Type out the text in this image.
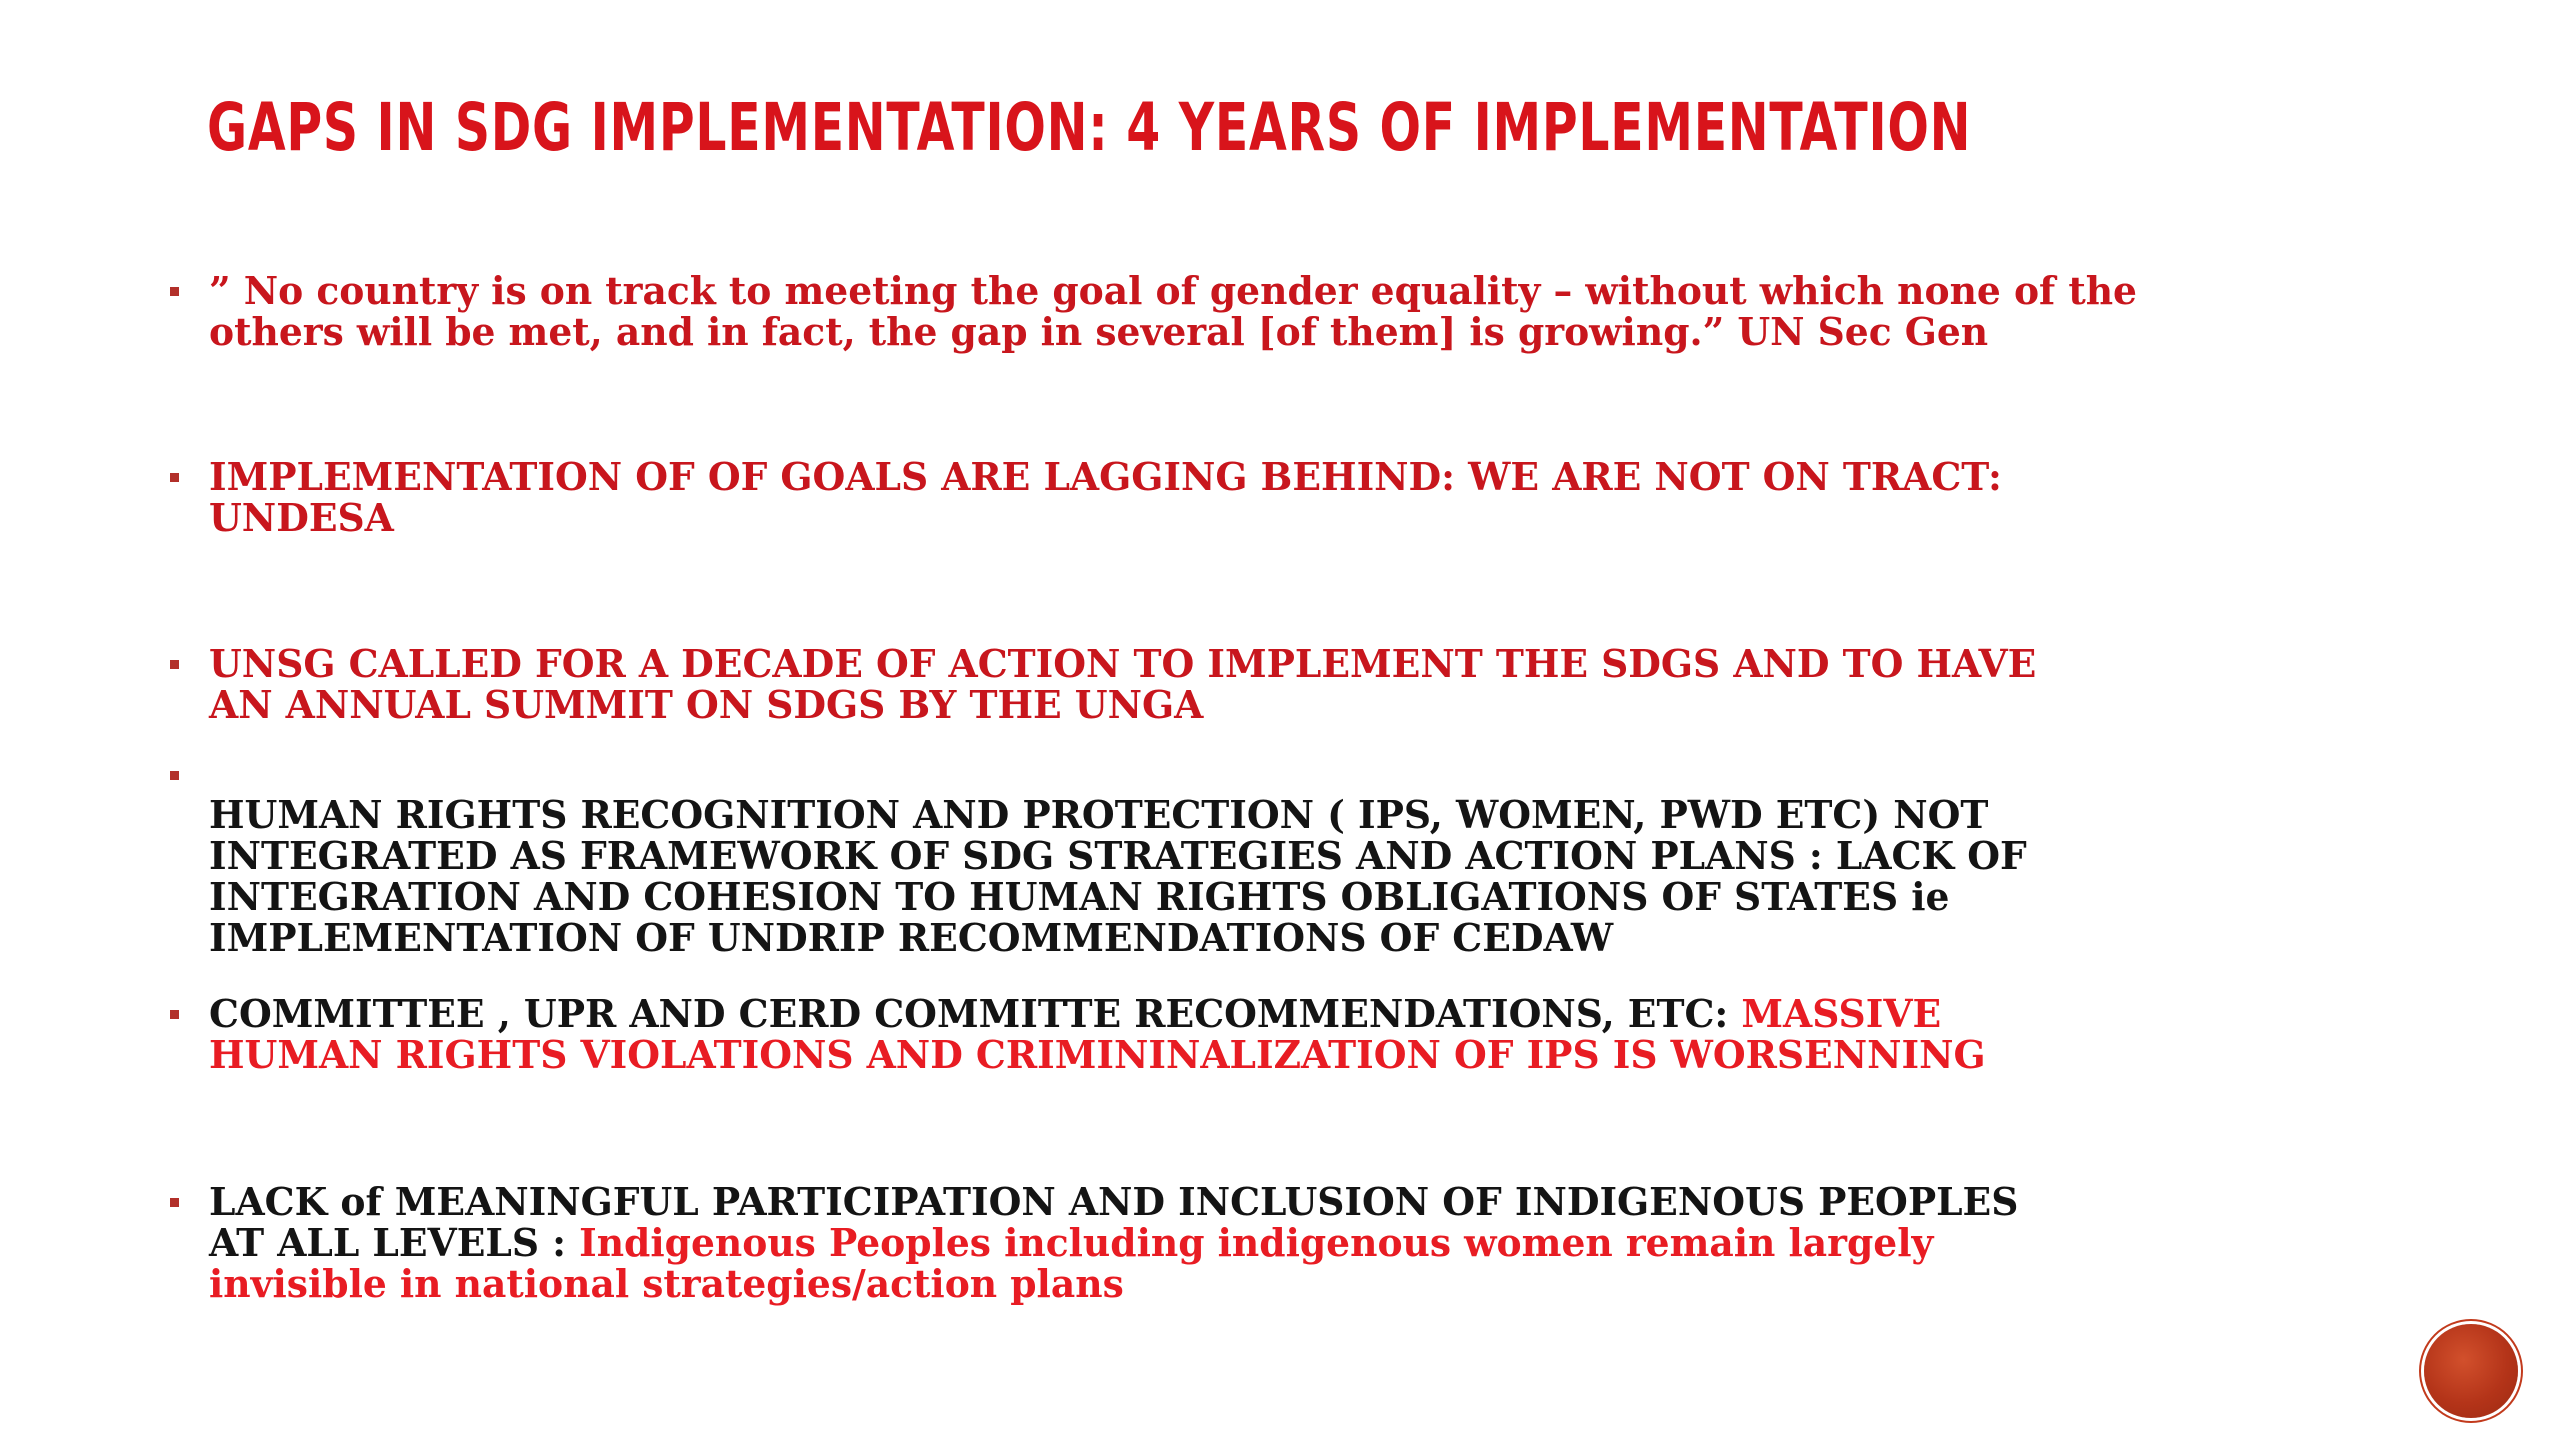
GAPS IN SDG IMPLEMENTATION: 4 YEARS OF IMPLEMENTATION
” No country is on track to meeting the goal of gender equality – without which none of the
others will be met, and in fact, the gap in several [of them] is growing.” UN Sec Gen
IMPLEMENTATION OF OF GOALS ARE LAGGING BEHIND: WE ARE NOT ON TRACT:
UNDESA
UNSG CALLED FOR A DECADE OF ACTION TO IMPLEMENT THE SDGS AND TO HAVE
AN ANNUAL SUMMIT ON SDGS BY THE UNGA
HUMAN RIGHTS RECOGNITION AND PROTECTION ( IPS, WOMEN, PWD ETC) NOT
INTEGRATED AS FRAMEWORK OF SDG STRATEGIES AND ACTION PLANS : LACK OF
INTEGRATION AND COHESION TO HUMAN RIGHTS OBLIGATIONS OF STATES ie
IMPLEMENTATION OF UNDRIP RECOMMENDATIONS OF CEDAW
COMMITTEE , UPR AND CERD COMMITTE RECOMMENDATIONS, ETC: MASSIVE
HUMAN RIGHTS VIOLATIONS AND CRIMININALIZATION OF IPS IS WORSENNING
LACK of MEANINGFUL PARTICIPATION AND INCLUSION OF INDIGENOUS PEOPLES
AT ALL LEVELS : Indigenous Peoples including indigenous women remain largely
invisible in national strategies/action plans
